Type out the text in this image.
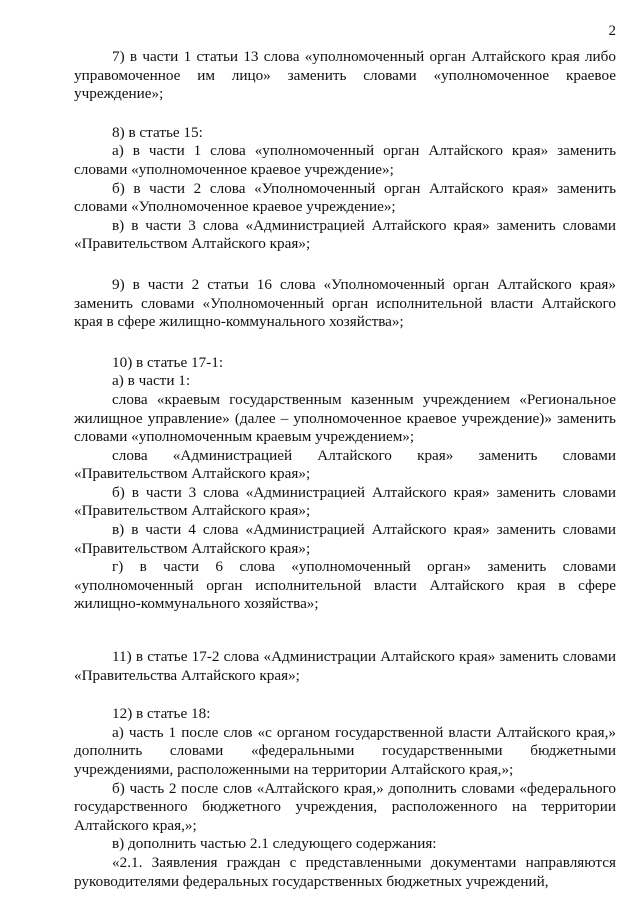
2

7) в части 1 статьи 13 слова «уполномоченный орган Алтайского края либо управомоченное им лицо» заменить словами «уполномоченное краевое учреждение»;

8) в статье 15:

а) в части 1 слова «уполномоченный орган Алтайского края» заменить словами «уполномоченное краевое учреждение»;

б) в части 2 слова «Уполномоченный орган Алтайского края» заменить словами «Уполномоченное краевое учреждение»;

в) в части 3 слова «Администрацией Алтайского края» заменить словами «Правительством Алтайского края»;

9) в части 2 статьи 16 слова «Уполномоченный орган Алтайского края» заменить словами «Уполномоченный орган исполнительной власти Алтайского края в сфере жилищно-коммунального хозяйства»;

10) в статье 17-1:

а) в части 1:

слова «краевым государственным казенным учреждением «Региональное жилищное управление» (далее – уполномоченное краевое учреждение)» заменить словами «уполномоченным краевым учреждением»;

слова «Администрацией Алтайского края» заменить словами «Правительством Алтайского края»;

б) в части 3 слова «Администрацией Алтайского края» заменить словами «Правительством Алтайского края»;

в) в части 4 слова «Администрацией Алтайского края» заменить словами «Правительством Алтайского края»;

г) в части 6 слова «уполномоченный орган» заменить словами «уполномоченный орган исполнительной власти Алтайского края в сфере жилищно-коммунального хозяйства»;

11) в статье 17-2 слова «Администрации Алтайского края» заменить словами «Правительства Алтайского края»;

12) в статье 18:

а) часть 1 после слов «с органом государственной власти Алтайского края,» дополнить словами «федеральными государственными бюджетными учреждениями, расположенными на территории Алтайского края,»;

б) часть 2 после слов «Алтайского края,» дополнить словами «федерального государственного бюджетного учреждения, расположенного на территории Алтайского края,»;

в) дополнить частью 2.1 следующего содержания:

«2.1. Заявления граждан с представленными документами направляются руководителями федеральных государственных бюджетных учреждений,
